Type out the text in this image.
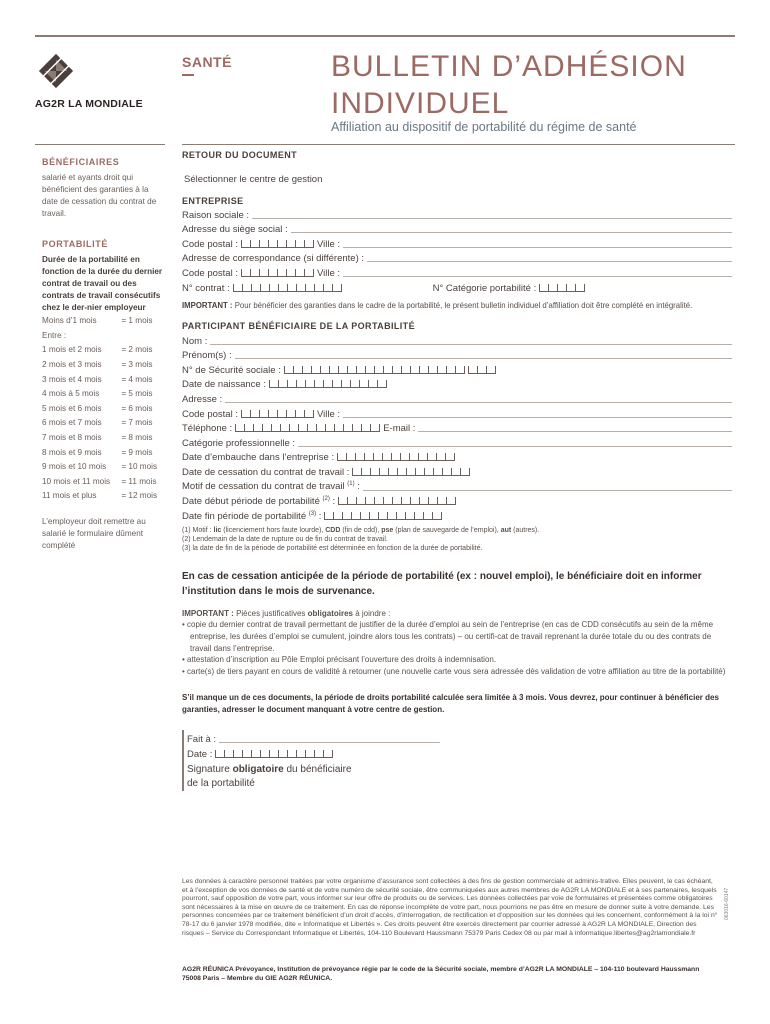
AG2R LA MONDIALE
SANTÉ	BULLETIN D’ADHÉSION
INDIVIDUEL
Affiliation au dispositif de portabilité du régime de santé
BÉNÉFICIAIRES
salarié et ayants droit qui bénéficient des garanties à la date de cessation du contrat de travail.
PORTABILITÉ
Durée de la portabilité en fonction de la durée du dernier contrat de travail ou des contrats de travail consécutifs chez le der-nier employeur
Moins d’1 mois	= 1 mois
Entre :
1 mois et 2 mois	= 2 mois
2 mois et 3 mois	= 3 mois
3 mois et 4 mois	= 4 mois
4 mois à 5 mois	= 5 mois
5 mois et 6 mois	= 6 mois
6 mois et 7 mois	= 7 mois
7 mois et 8 mois	= 8 mois
8 mois et 9 mois	= 9 mois
9 mois et 10 mois	= 10 mois
10 mois et 11 mois	= 11 mois
11 mois et plus	= 12 mois
L’employeur doit remettre au salarié le formulaire dûment complété
RETOUR DU DOCUMENT
Sélectionner le centre de gestion
ENTREPRISE
Raison sociale :
Adresse du siège social :
Code postal :	Ville :
Adresse de correspondance (si différente) :
Code postal :	Ville :
N° contrat :	N° Catégorie portabilité :
IMPORTANT : Pour bénéficier des garanties dans le cadre de la portabilité, le présent bulletin individuel d’affiliation doit être complété en intégralité.
PARTICIPANT BÉNÉFICIAIRE DE LA PORTABILITÉ
Nom :
Prénom(s) :
N° de Sécurité sociale :
Date de naissance :
Adresse :
Code postal :	Ville :
Téléphone :	E-mail :
Catégorie professionnelle :
Date d’embauche dans l’entreprise :
Date de cessation du contrat de travail :
Motif de cessation du contrat de travail $^{(1)}$ :
Date début période de portabilité $^{(2)}$ :
Date fin période de portabilité $^{(3)}$ :
(1) Motif : lic (licenciement hors faute lourde), CDD (fin de cdd), pse (plan de sauvegarde de l’emploi), aut (autres).
(2) Lendemain de la date de rupture ou de fin du contrat de travail.
(3) la date de fin de la période de portabilité est déterminée en fonction de la durée de portabilité.
En cas de cessation anticipée de la période de portabilité (ex : nouvel emploi), le bénéficiaire doit en informer l’institution dans le mois de survenance.
IMPORTANT : Pièces justificatives obligatoires à joindre :
• copie du dernier contrat de travail permettant de justifier de la durée d’emploi au sein de l’entreprise (en cas de CDD consécutifs au sein de la même entreprise, les durées d’emploi se cumulent, joindre alors tous les contrats) – ou certifi-cat de travail reprenant la durée totale du ou des contrats de travail dans l’entreprise.
• attestation d’inscription au Pôle Emploi précisant l’ouverture des droits à indemnisation.
• carte(s) de tiers payant en cours de validité à retourner (une nouvelle carte vous sera adressée dès validation de votre affiliation au titre de la portabilité)
S’il manque un de ces documents, la période de droits portabilité calculée sera limitée à 3 mois. Vous devrez, pour continuer à bénéficier des garanties, adresser le document manquant à votre centre de gestion.
Fait à :
Date :
Signature obligatoire du bénéficiaire
de la portabilité
Les données à caractère personnel traitées par votre organisme d’assurance sont collectées à des fins de gestion commerciale et adminis-trative. Elles peuvent, le cas échéant, et à l’exception de vos données de santé et de votre numéro de sécurité sociale, être communiquées aux autres membres de AG2R LA MONDIALE et à ses partenaires, lesquels pourront, sauf opposition de votre part, vous informer sur leur offre de produits ou de services. Les données collectées par voie de formulaires et présentées comme obligatoires sont nécessaires à la mise en œuvre de ce traitement. En cas de réponse incomplète de votre part, nous pourrions ne pas être en mesure de donner suite à votre demande. Les personnes concernées par ce traitement bénéficient d’un droit d’accès, d’interrogation, de rectification et d’opposition sur les données qui les concernent, conformément à la loi n° 78-17 du 6 janvier 1978 modifiée, dite « Informatique et Libertés ». Ces droits peuvent être exercés directement par courrier adressé à AG2R LA MONDIALE, Direction des risques – Service du Correspondant Informatique et Libertés, 104-110 Boulevard Haussmann 75379 Paris Cedex 08 ou par mail à informatique.libertes@ag2rlamondiale.fr
AG2R RÉUNICA Prévoyance, Institution de prévoyance régie par le code de la Sécurité sociale, membre d’AG2R LA MONDIALE – 104-110 boulevard Haussmann 75008 Paris – Membre du GIE AG2R RÉUNICA.
063016-60147
